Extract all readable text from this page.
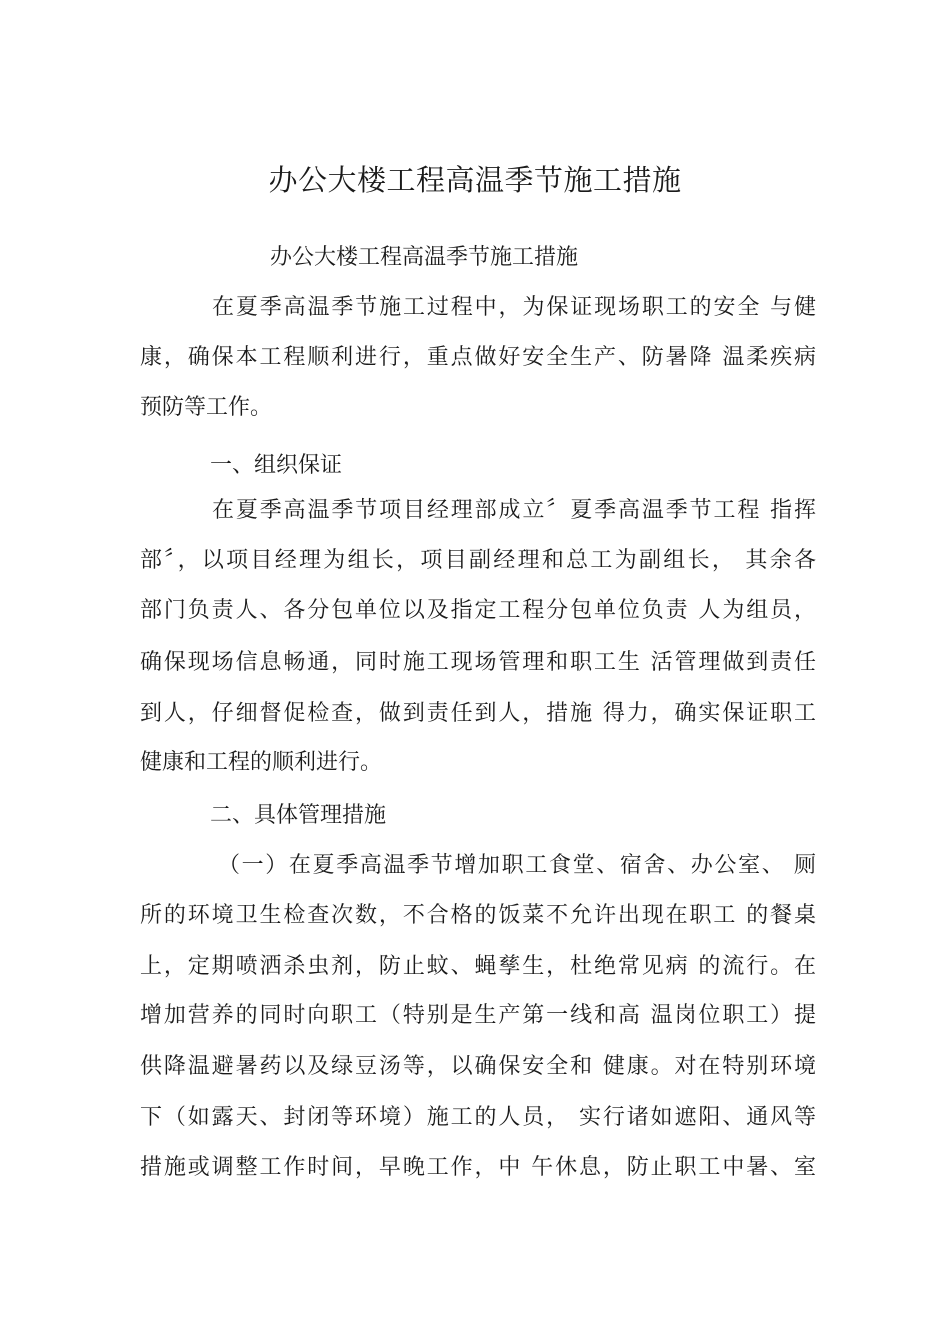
办公大楼工程高温季节施工措施
办公大楼工程高温季节施工措施
在夏季高温季节施工过程中，为保证现场职工的安全 与健
康，确保本工程顺利进行，重点做好安全生产、防暑降 温柔疾病
预防等工作。
一、组织保证
在夏季高温季节项目经理部成立〞夏季高温季节工程 指挥
部〞，以项目经理为组长，项目副经理和总工为副组长， 其余各
部门负责人、各分包单位以及指定工程分包单位负责 人为组员，
确保现场信息畅通，同时施工现场管理和职工生 活管理做到责任
到人，仔细督促检查，做到责任到人，措施 得力，确实保证职工
健康和工程的顺利进行。
二、具体管理措施
（一）在夏季高温季节增加职工食堂、宿舍、办公室、 厕
所的环境卫生检查次数，不合格的饭菜不允许出现在职工 的餐桌
上，定期喷洒杀虫剂，防止蚊、蝇孳生，杜绝常见病 的流行。在
增加营养的同时向职工（特别是生产第一线和高 温岗位职工）提
供降温避暑药以及绿豆汤等，以确保安全和 健康。对在特别环境
下（如露天、封闭等环境）施工的人员， 实行诸如遮阳、通风等
措施或调整工作时间，早晚工作，中 午休息，防止职工中暑、室
